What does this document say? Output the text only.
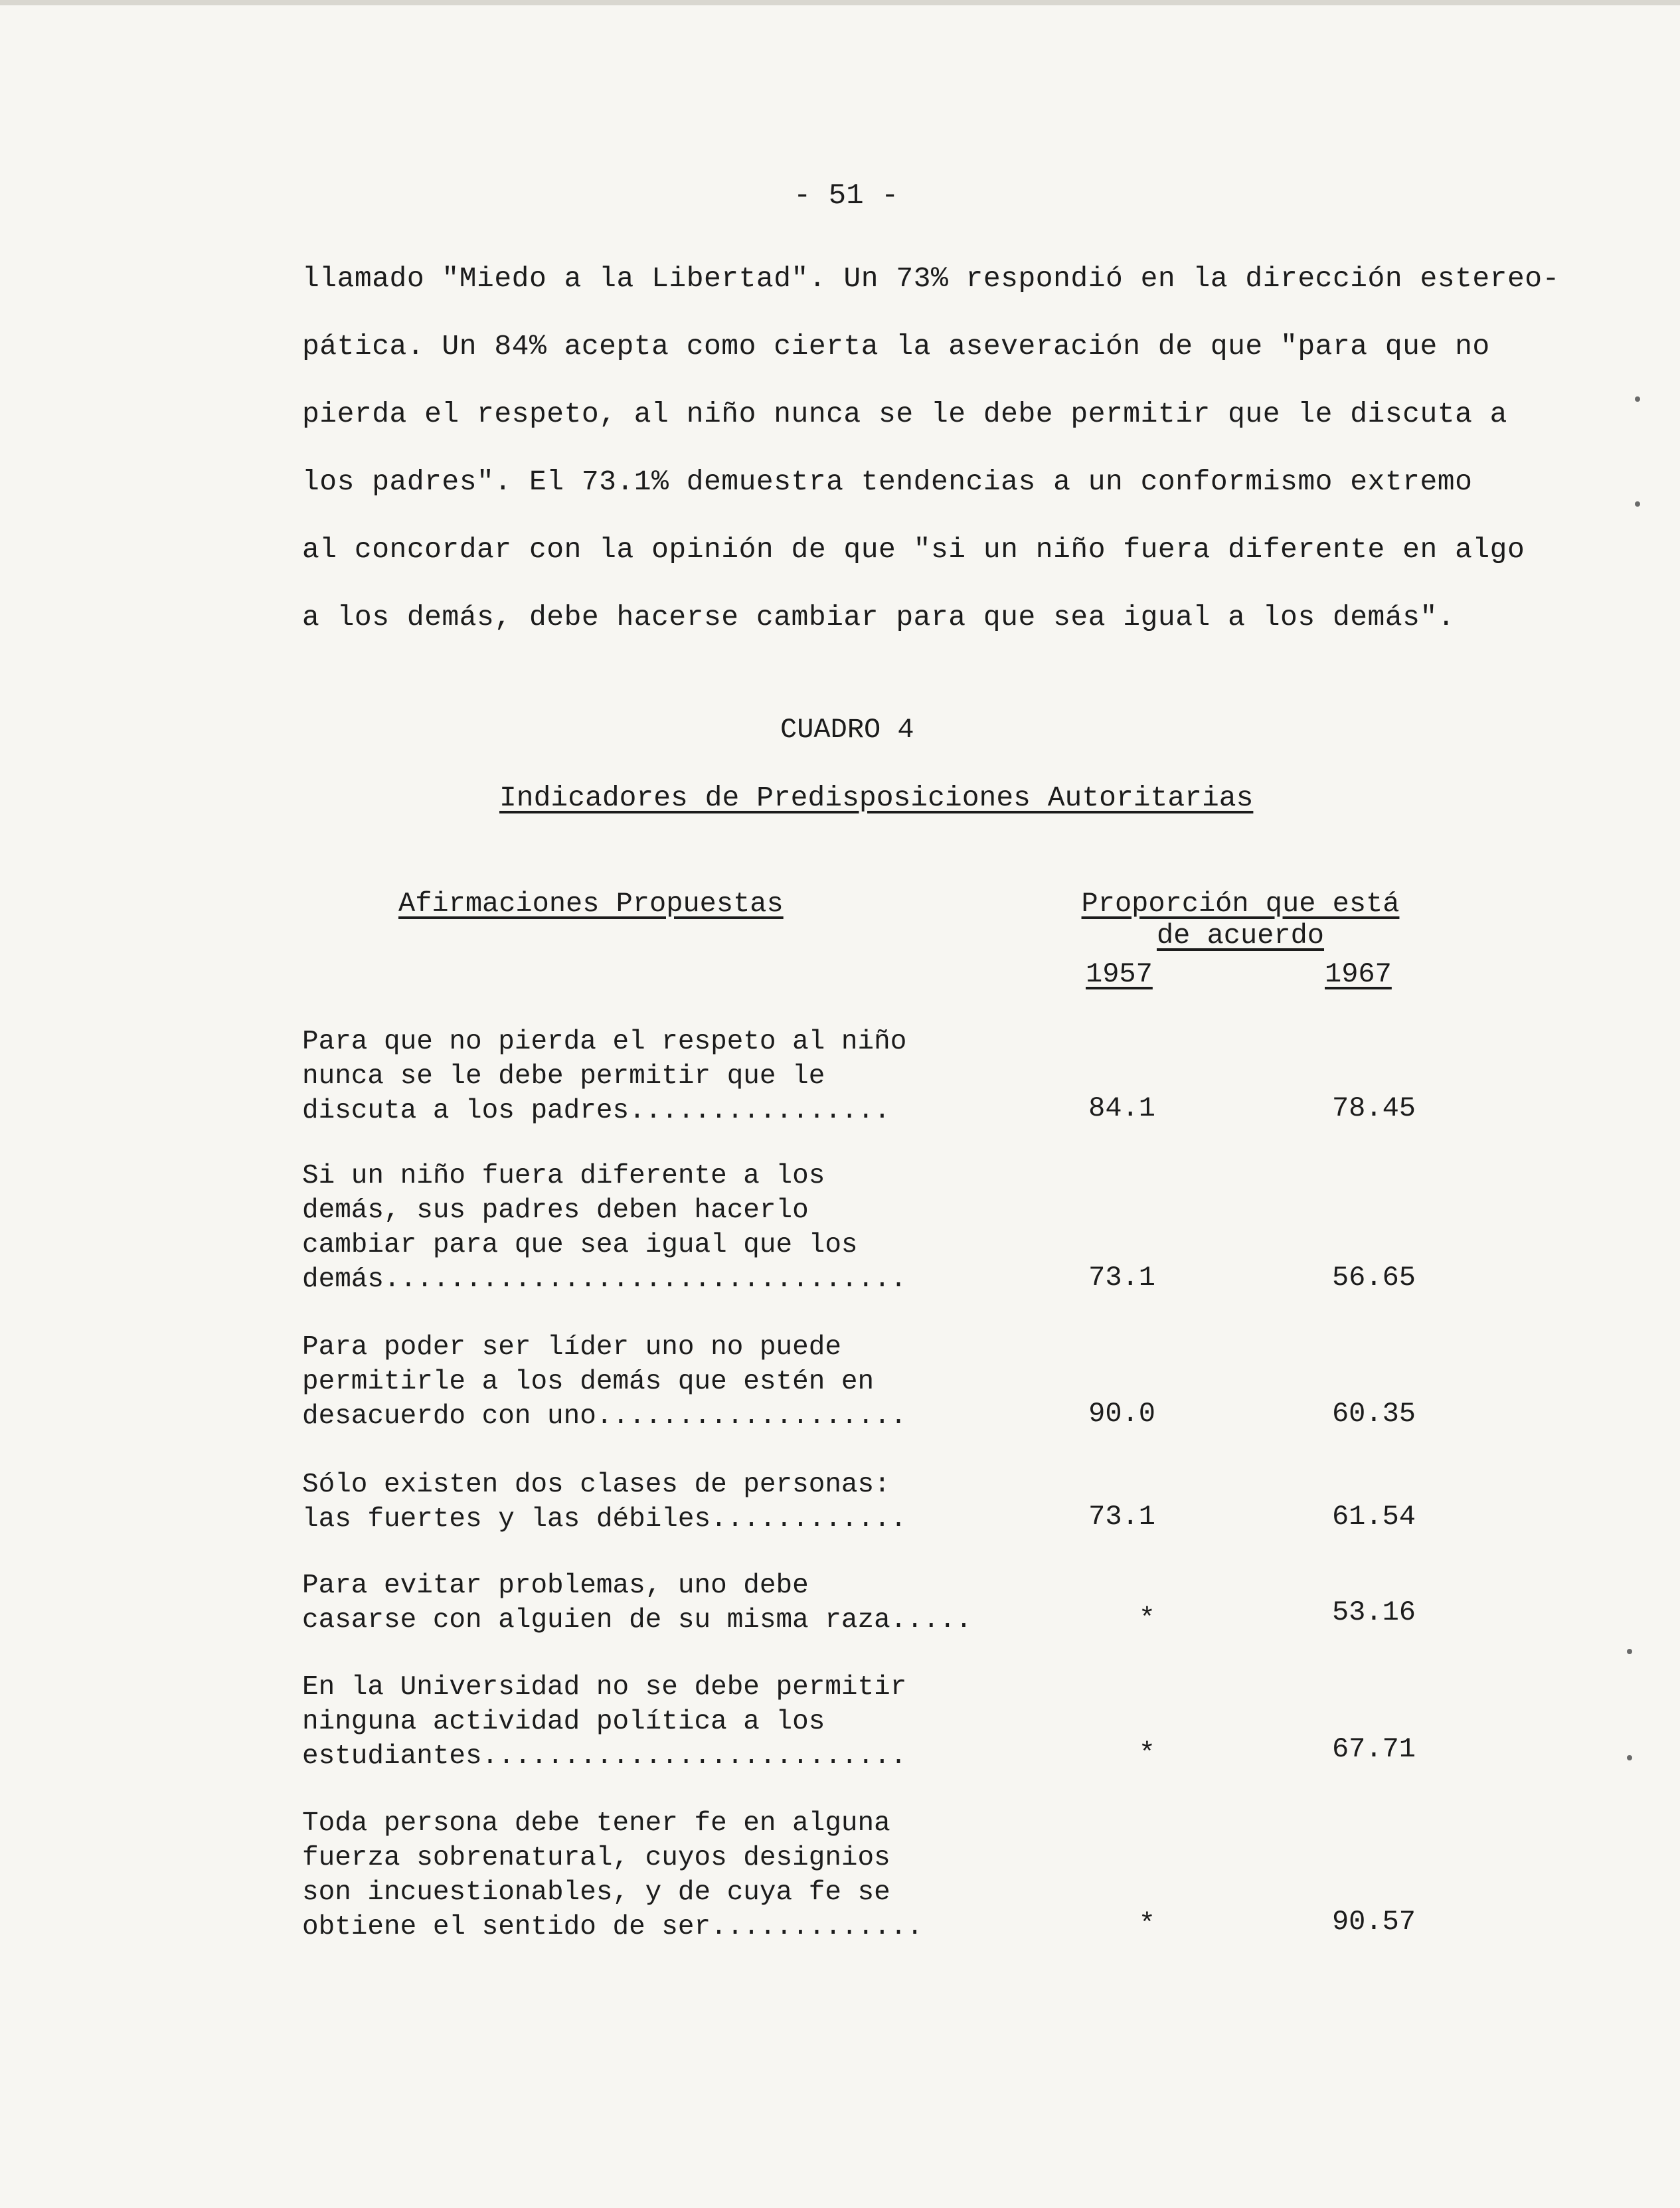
- 51 -
llamado "Miedo a la Libertad". Un 73% respondió en la dirección estereo-
pática. Un 84% acepta como cierta la aseveración de que "para que no
pierda el respeto, al niño nunca se le debe permitir que le discuta a
los padres". El 73.1% demuestra tendencias a un conformismo extremo
al concordar con la opinión de que "si un niño fuera diferente en algo
a los demás, debe hacerse cambiar para que sea igual a los demás".
CUADRO 4
Indicadores de Predisposiciones Autoritarias
Afirmaciones Propuestas	Proporción que está
de acuerdo
1957	1967
Para que no pierda el respeto al niño
nunca se le debe permitir que le
discuta a los padres................	84.1	78.45
Si un niño fuera diferente a los
demás, sus padres deben hacerlo
cambiar para que sea igual que los
demás................................	73.1	56.65
Para poder ser líder uno no puede
permitirle a los demás que estén en
desacuerdo con uno...................	90.0	60.35
Sólo existen dos clases de personas:
las fuertes y las débiles............	73.1	61.54
Para evitar problemas, uno debe
casarse con alguien de su misma raza.....	*	53.16
En la Universidad no se debe permitir
ninguna actividad política a los
estudiantes..........................	*	67.71
Toda persona debe tener fe en alguna
fuerza sobrenatural, cuyos designios
son incuestionables, y de cuya fe se
obtiene el sentido de ser.............	*	90.57
